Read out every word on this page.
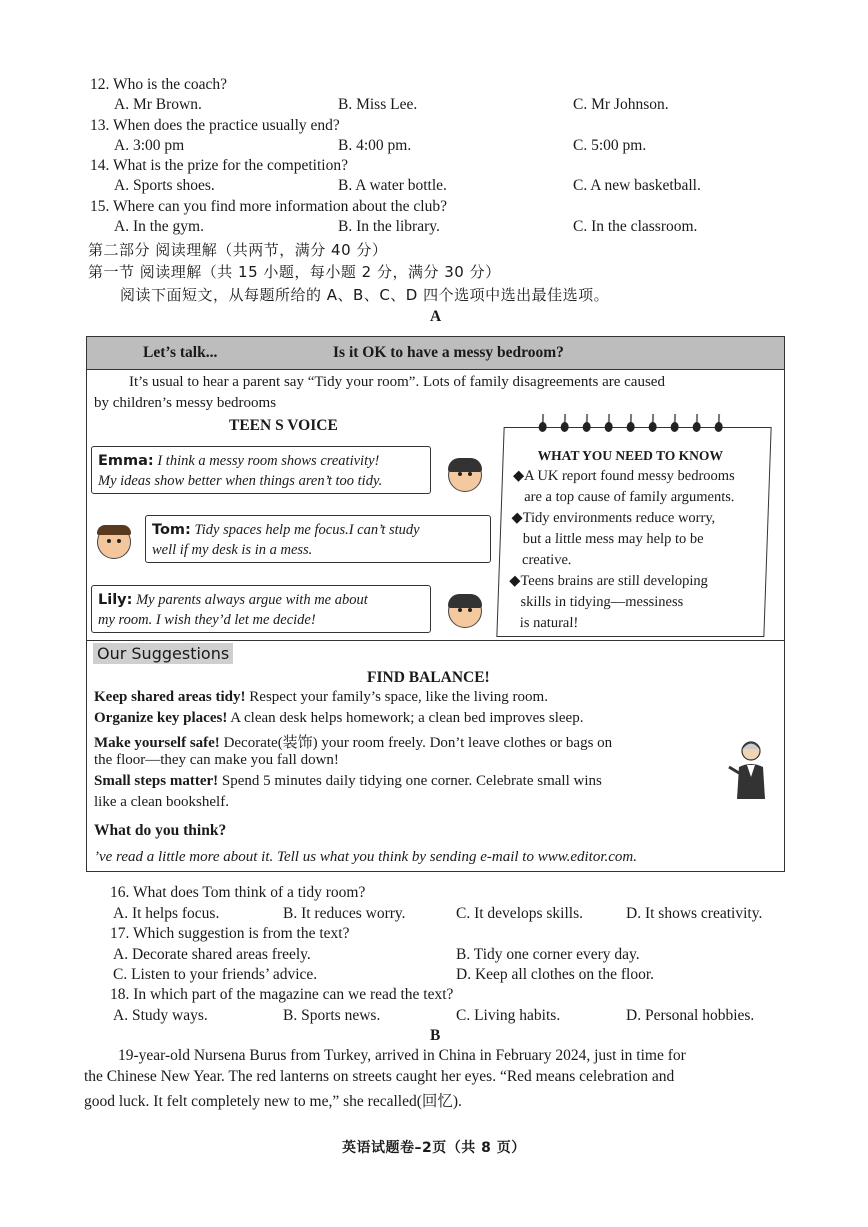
12. Who is the coach?
A. Mr Brown.	B. Miss Lee.	C. Mr Johnson.
13. When does the practice usually end?
A. 3:00 pm	B. 4:00 pm.	C. 5:00 pm.
14. What is the prize for the competition?
A. Sports shoes.	B. A water bottle.	C. A new basketball.
15. Where can you find more information about the club?
A. In the gym.	B. In the library.	C. In the classroom.
第二部分 阅读理解（共两节，满分 40 分）
第一节 阅读理解（共 15 小题，每小题 2 分，满分 30 分）
阅读下面短文，从每题所给的 A、B、C、D 四个选项中选出最佳选项。
A
Let’s talk...	Is it OK to have a messy bedroom?
It’s usual to hear a parent say “Tidy your room”. Lots of family disagreements are caused
by children’s messy bedrooms
TEEN S VOICE
Emma: I think a messy room shows creativity!
My ideas show better when things aren’t too tidy.
Tom: Tidy spaces help me focus.I can’t study
well if my desk is in a mess.
Lily: My parents always argue with me about
my room. I wish they’d let me decide!
WHAT YOU NEED TO KNOW
◆A UK report found messy bedrooms
are a top cause of family arguments.
◆Tidy environments reduce worry,
but a little mess may help to be
creative.
◆Teens brains are still developing
skills in tidying—messiness
is natural!
Our Suggestions
FIND BALANCE!
Keep shared areas tidy! Respect your family’s space, like the living room.
Organize key places! A clean desk helps homework; a clean bed improves sleep.
Make yourself safe! Decorate(装饰) your room freely. Don’t leave clothes or bags on
the floor—they can make you fall down!
Small steps matter! Spend 5 minutes daily tidying one corner. Celebrate small wins
like a clean bookshelf.
What do you think?
’ve read a little more about it. Tell us what you think by sending e-mail to www.editor.com.
16. What does Tom think of a tidy room?
A. It helps focus.	B. It reduces worry.	C. It develops skills.	D. It shows creativity.
17. Which suggestion is from the text?
A. Decorate shared areas freely.	B. Tidy one corner every day.
C. Listen to your friends’ advice.	D. Keep all clothes on the floor.
18. In which part of the magazine can we read the text?
A. Study ways.	B. Sports news.	C. Living habits.	D. Personal hobbies.
B
19-year-old Nursena Burus from Turkey, arrived in China in February 2024, just in time for
the Chinese New Year. The red lanterns on streets caught her eyes. “Red means celebration and
good luck. It felt completely new to me,” she recalled(回忆).
英语试题卷–2页（共 8 页）
